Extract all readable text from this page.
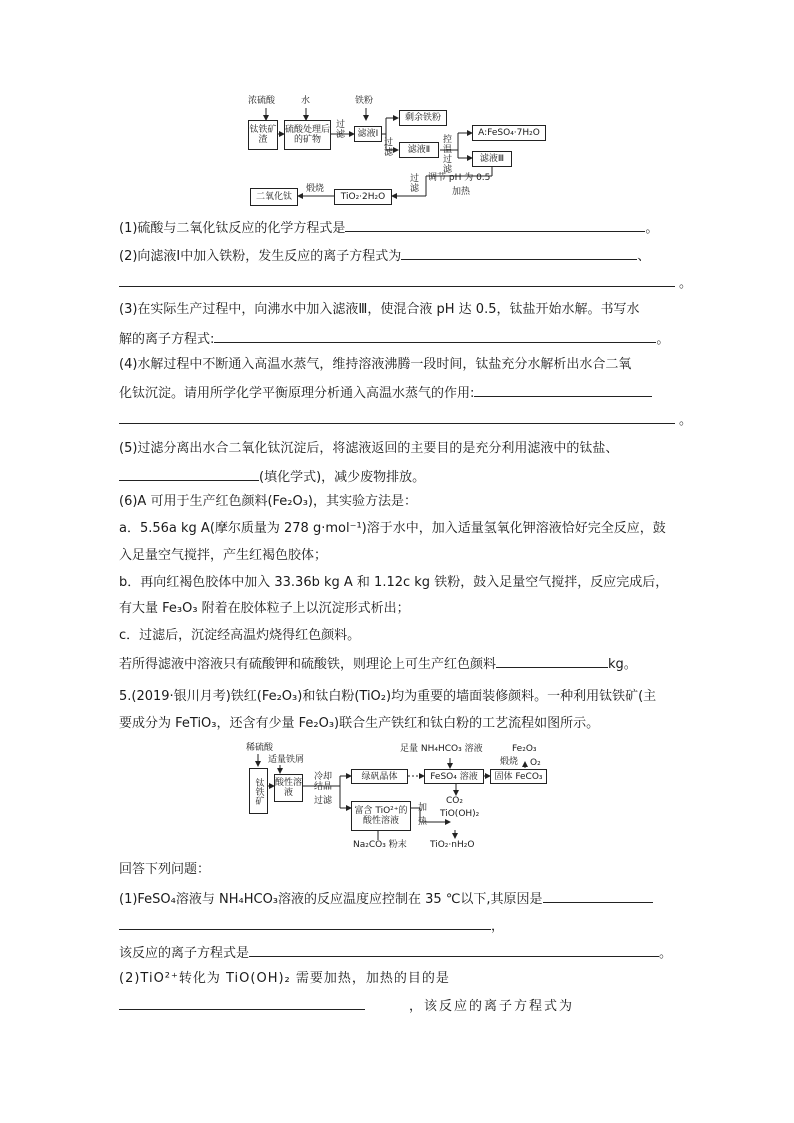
浓硫酸	水	铁粉
钛铁矿渣
硫酸处理后的矿物
过滤	滤液Ⅰ
过滤
剩余铁粉
滤液Ⅱ
控温过滤
A:FeSO₄·7H₂O
滤液Ⅲ
调节 pH 为 0.5
加热
过滤
TiO₂·2H₂O
煅烧
二氧化钛
(1)硫酸与二氧化钛反应的化学方程式是	。
(2)向滤液Ⅰ中加入铁粉，发生反应的离子方程式为	、
。
(3)在实际生产过程中，向沸水中加入滤液Ⅲ，使混合液 pH 达 0.5，钛盐开始水解。书写水
解的离子方程式:	。
(4)水解过程中不断通入高温水蒸气，维持溶液沸腾一段时间，钛盐充分水解析出水合二氧
化钛沉淀。请用所学化学平衡原理分析通入高温水蒸气的作用:
。
(5)过滤分离出水合二氧化钛沉淀后，将滤液返回的主要目的是充分利用滤液中的钛盐、
(填化学式)，减少废物排放。
(6)A 可用于生产红色颜料(Fe₂O₃)，其实验方法是：
a．5.56a kg A(摩尔质量为 278 g·mol⁻¹)溶于水中，加入适量氢氧化钾溶液恰好完全反应，鼓
入足量空气搅拌，产生红褐色胶体；
b．再向红褐色胶体中加入 33.36b kg A 和 1.12c kg 铁粉，鼓入足量空气搅拌，反应完成后，
有大量 Fe₃O₃ 附着在胶体粒子上以沉淀形式析出；
c．过滤后，沉淀经高温灼烧得红色颜料。
若所得滤液中溶液只有硫酸钾和硫酸铁，则理论上可生产红色颜料	kg。
5.(2019·银川月考)铁红(Fe₂O₃)和钛白粉(TiO₂)均为重要的墙面装修颜料。一种利用钛铁矿(主
要成分为 FeTiO₃，还含有少量 Fe₂O₃)联合生产铁红和钛白粉的工艺流程如图所示。
稀硫酸
钛铁矿
适量铁屑
酸性溶液
冷却结晶
过滤
绿矾晶体
足量 NH₄HCO₃ 溶液
FeSO₄ 溶液	固体 FeCO₃
Fe₂O₃
煅烧 O₂
CO₂
富含 TiO²⁺的酸性溶液
加热
TiO(OH)₂
Na₂CO₃ 粉末	TiO₂·nH₂O
回答下列问题：
(1)FeSO₄溶液与 NH₄HCO₃溶液的反应温度应控制在 35 ℃以下,其原因是
，
该反应的离子方程式是	。
(2)TiO²⁺转化为 TiO(OH)₂ 需要加热，加热的目的是
，该反应的离子方程式为
